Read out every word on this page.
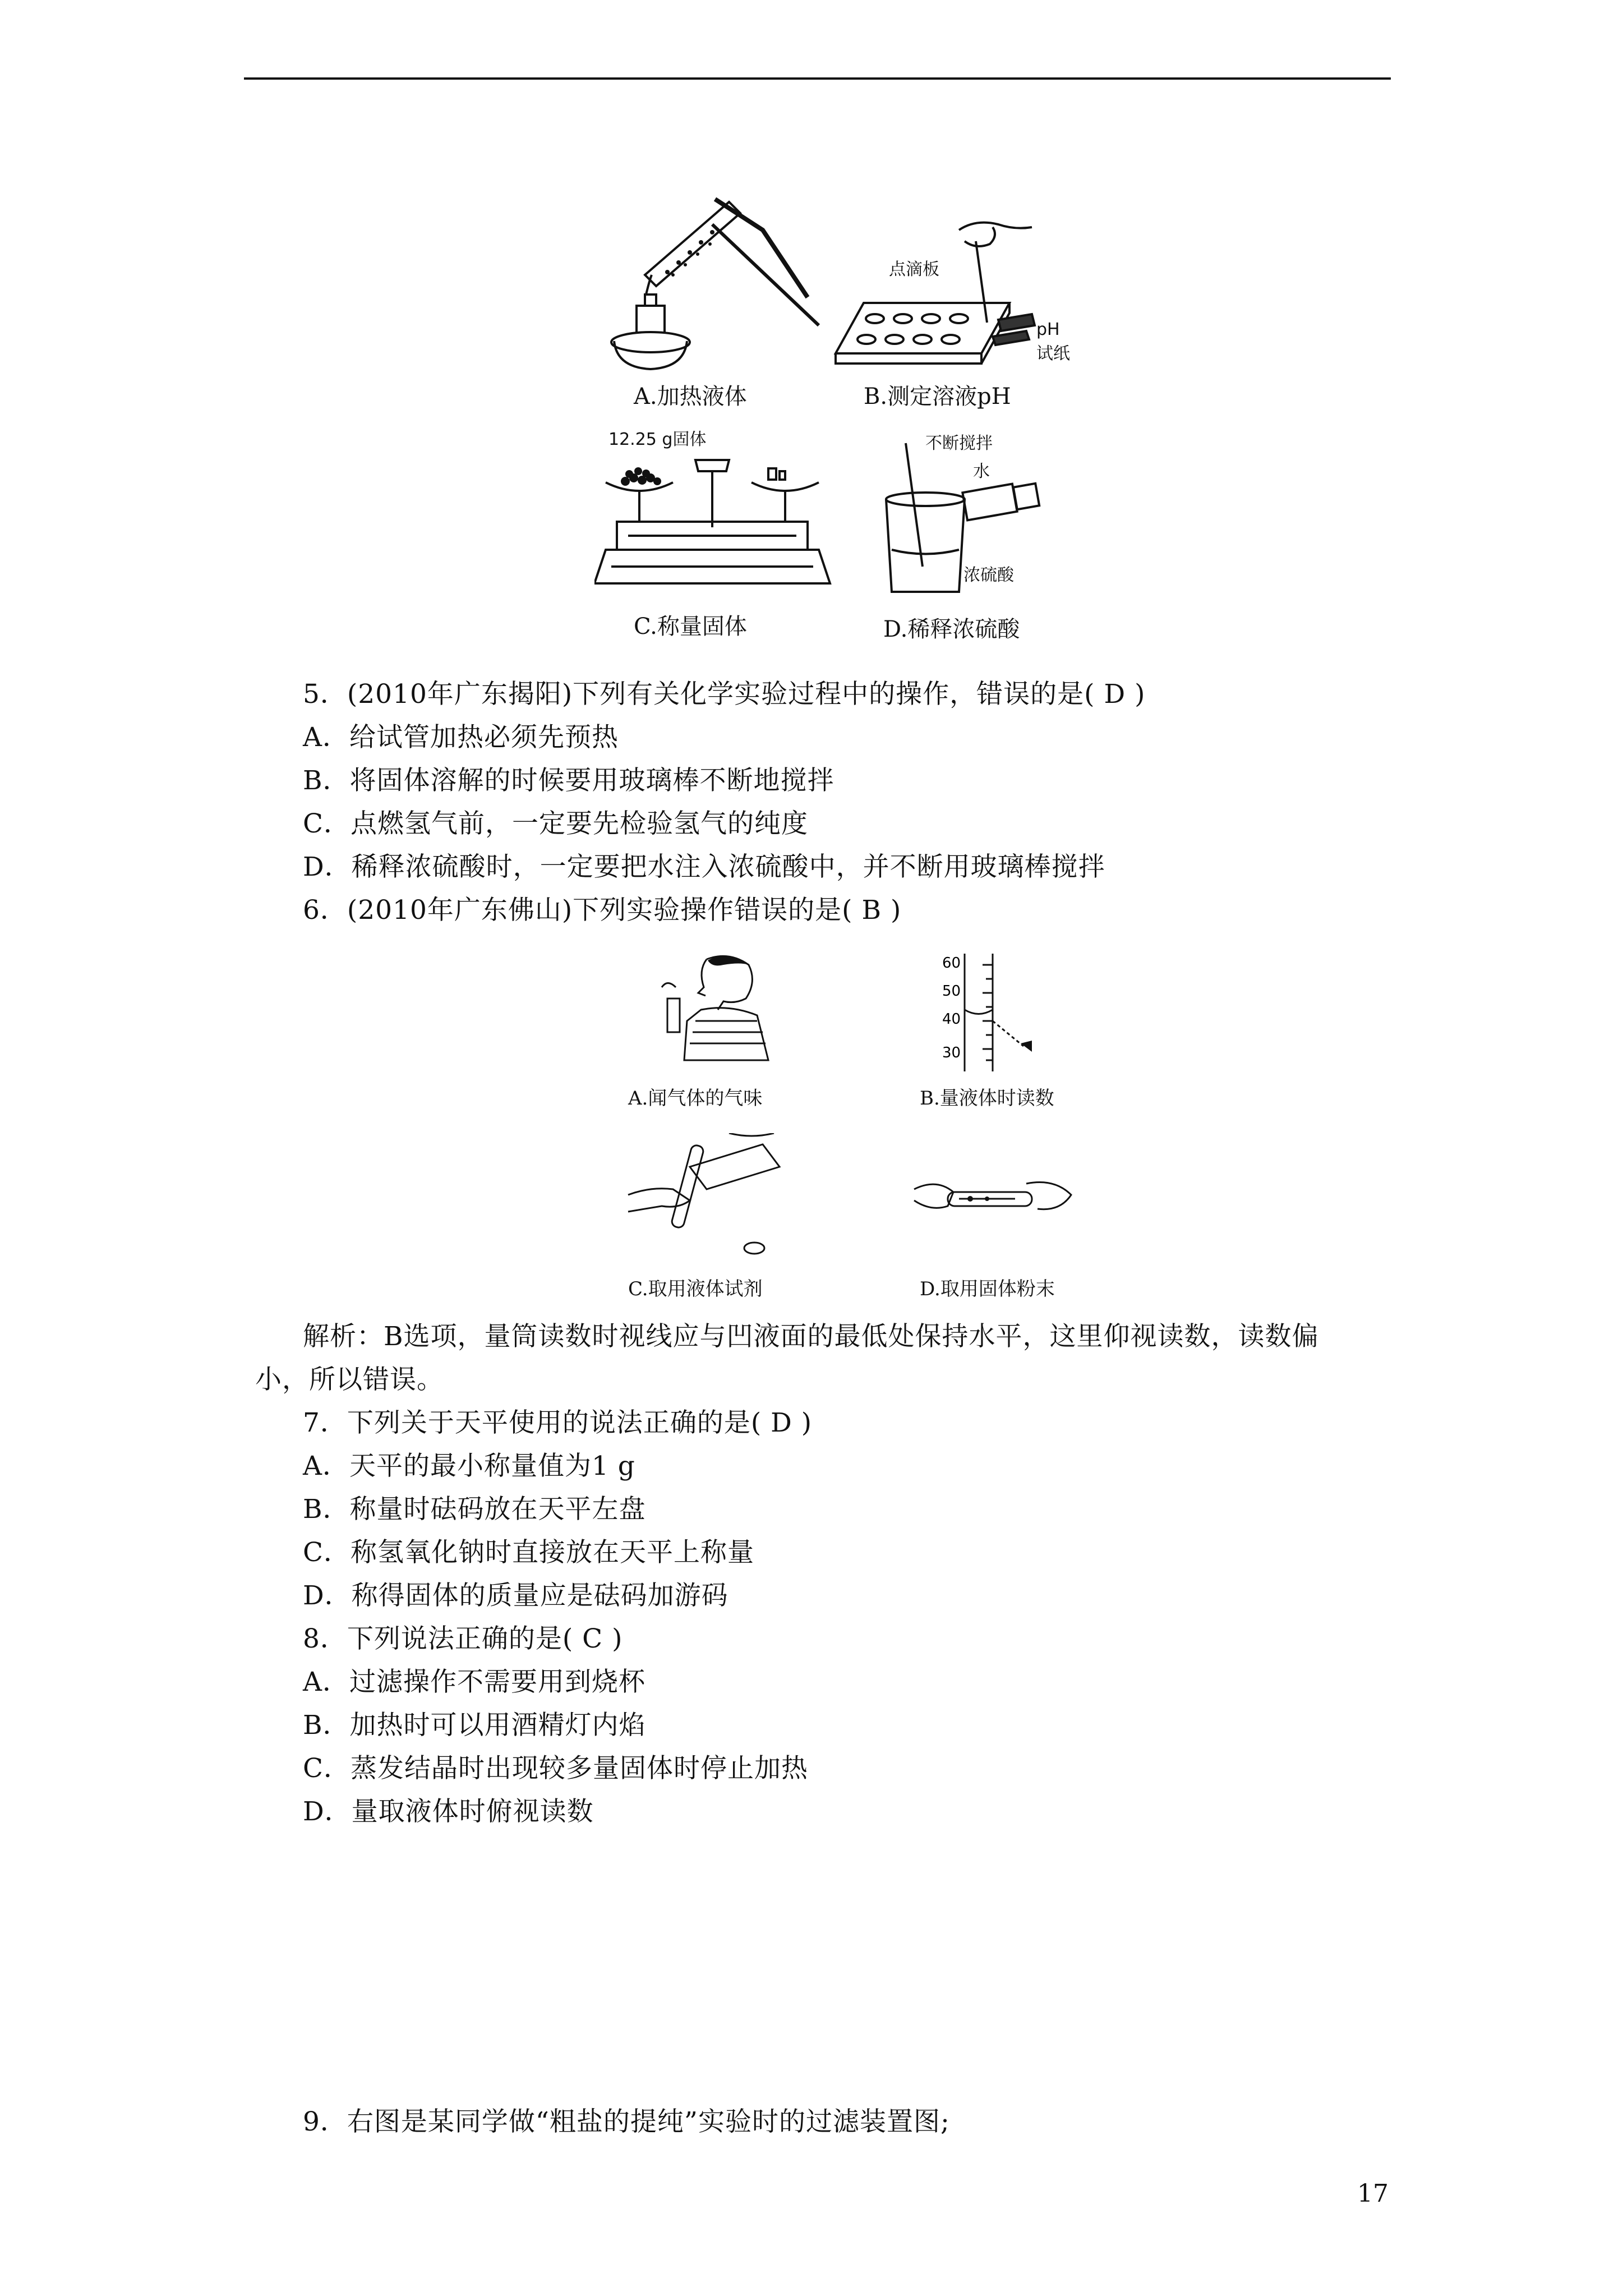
A.加热液体
点滴板
pH
试纸
B.测定溶液pH
12.25 g固体
C.称量固体
不断搅拌
水
浓硫酸
D.稀释浓硫酸
5．(2010年广东揭阳)下列有关化学实验过程中的操作，错误的是( D )
A．给试管加热必须先预热
B．将固体溶解的时候要用玻璃棒不断地搅拌
C．点燃氢气前，一定要先检验氢气的纯度
D．稀释浓硫酸时，一定要把水注入浓硫酸中，并不断用玻璃棒搅拌
6．(2010年广东佛山)下列实验操作错误的是( B )
A.闻气体的气味
60
50
40
30
B.量液体时读数
C.取用液体试剂	D.取用固体粉末
解析：B选项，量筒读数时视线应与凹液面的最低处保持水平，这里仰视读数，读数偏
小，所以错误。
7．下列关于天平使用的说法正确的是( D )
A．天平的最小称量值为1 g
B．称量时砝码放在天平左盘
C．称氢氧化钠时直接放在天平上称量
D．称得固体的质量应是砝码加游码
8．下列说法正确的是( C )
A．过滤操作不需要用到烧杯
B．加热时可以用酒精灯内焰
C．蒸发结晶时出现较多量固体时停止加热
D．量取液体时俯视读数
9．右图是某同学做“粗盐的提纯”实验时的过滤装置图;
17
